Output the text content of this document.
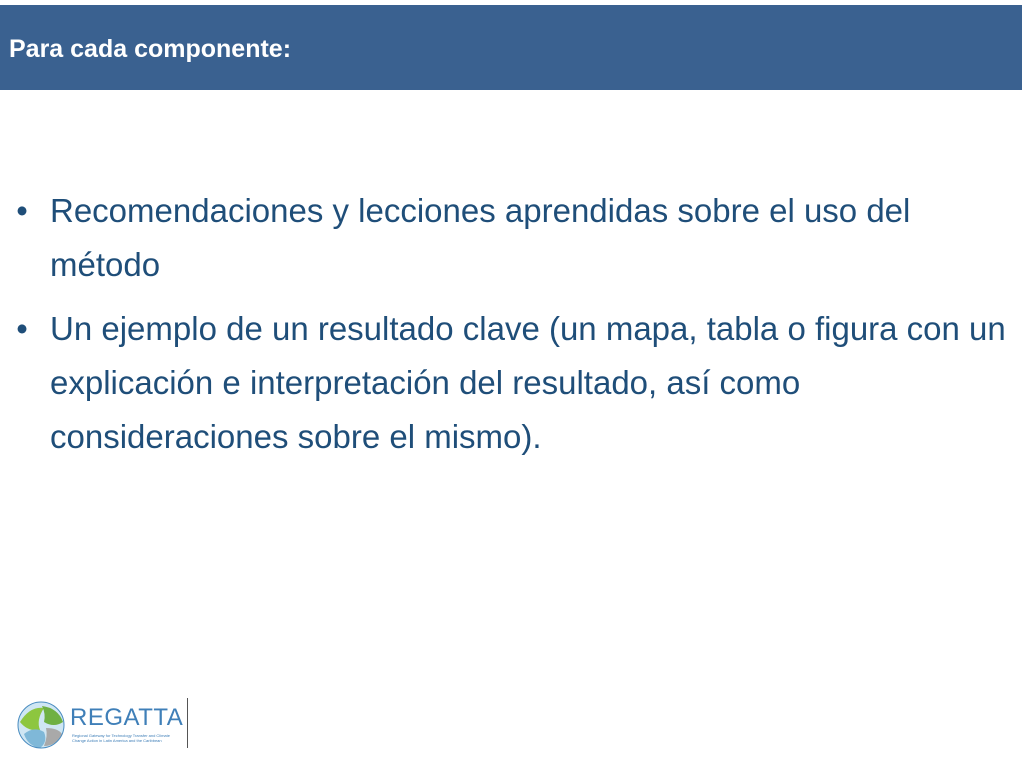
Para cada componente:
• Recomendaciones y lecciones aprendidas sobre el uso del método
• Un ejemplo de un resultado clave (un mapa, tabla o figura con un explicación e interpretación del resultado, así como consideraciones sobre el mismo).
REGATTA
Regional Gateway for Technology Transfer and Climate Change Action in Latin America and the Caribbean
